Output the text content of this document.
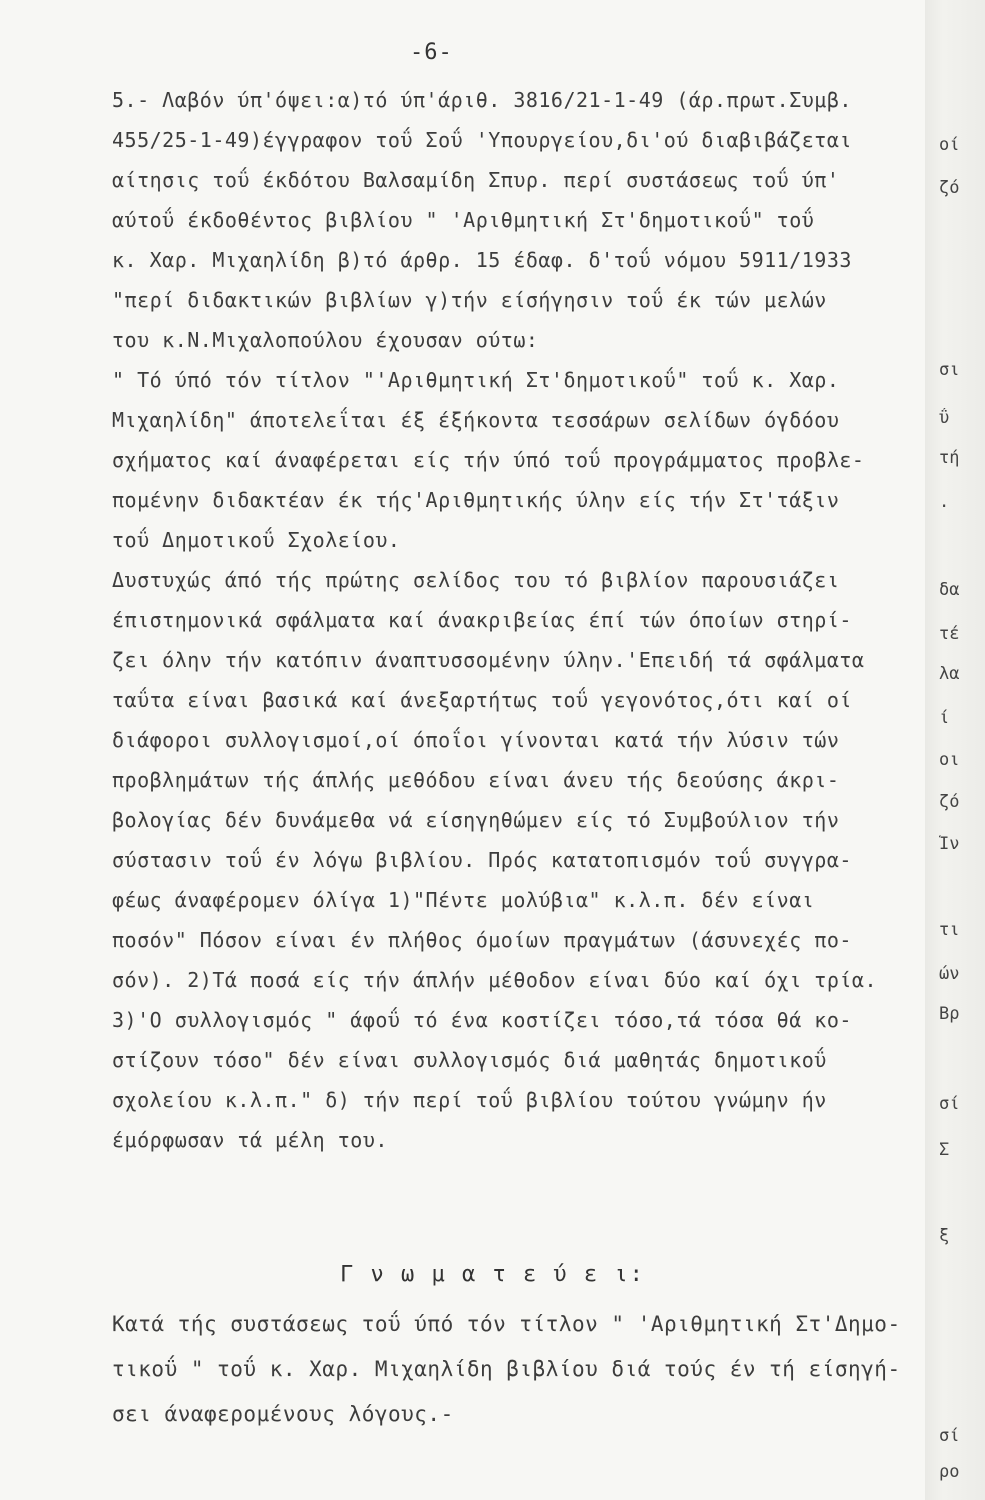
-6-
5.- Λαβόν ύπ'όψει:α)τό ύπ'άριθ. 3816/21-1-49 (άρ.πρωτ.Συμβ.
455/25-1-49)έγγραφον τοΰ Σοΰ 'Υπουργείου,δι'ού διαβιβάζεται
αίτησις τοΰ έκδότου Βαλσαμίδη Σπυρ. περί συστάσεως τοΰ ύπ'
αύτοΰ έκδοθέντος βιβλίου " 'Αριθμητική Στ'δημοτικοΰ" τοΰ
κ. Χαρ. Μιχαηλίδη β)τό άρθρ. 15 έδαφ. δ'τοΰ νόμου 5911/1933
"περί διδακτικών βιβλίων γ)τήν είσήγησιν τοΰ έκ τών μελών
του κ.Ν.Μιχαλοπούλου έχουσαν ούτω:
" Τό ύπό τόν τίτλον "'Αριθμητική Στ'δημοτικοΰ" τοΰ κ. Χαρ.
Μιχαηλίδη" άποτελεΐται έξ έξήκοντα τεσσάρων σελίδων όγδόου
σχήματος καί άναφέρεται είς τήν ύπό τοΰ προγράμματος προβλε-
πομένην διδακτέαν έκ τής'Αριθμητικής ύλην είς τήν Στ'τάξιν
τοΰ Δημοτικοΰ Σχολείου.
Δυστυχώς άπό τής πρώτης σελίδος του τό βιβλίον παρουσιάζει
έπιστημονικά σφάλματα καί άνακριβείας έπί τών όποίων στηρί-
ζει όλην τήν κατόπιν άναπτυσσομένην ύλην.'Επειδή τά σφάλματα
ταΰτα είναι βασικά καί άνεξαρτήτως τοΰ γεγονότος,ότι καί οί
διάφοροι συλλογισμοί,οί όποΐοι γίνονται κατά τήν λύσιν τών
προβλημάτων τής άπλής μεθόδου είναι άνευ τής δεούσης άκρι-
βολογίας δέν δυνάμεθα νά είσηγηθώμεν είς τό Συμβούλιον τήν
σύστασιν τοΰ έν λόγω βιβλίου. Πρός κατατοπισμόν τοΰ συγγρα-
φέως άναφέρομεν όλίγα 1)"Πέντε μολύβια" κ.λ.π. δέν είναι
ποσόν" Πόσον είναι έν πλήθος όμοίων πραγμάτων (άσυνεχές πο-
σόν). 2)Τά ποσά είς τήν άπλήν μέθοδον είναι δύο καί όχι τρία.
3)'Ο συλλογισμός " άφοΰ τό ένα κοστίζει τόσο,τά τόσα θά κο-
στίζουν τόσο" δέν είναι συλλογισμός διά μαθητάς δημοτικοΰ
σχολείου κ.λ.π." δ) τήν περί τοΰ βιβλίου τούτου γνώμην ήν
έμόρφωσαν τά μέλη του.
Γ ν ω μ α τ ε ύ ε ι:
Κατά τής συστάσεως τοΰ ύπό τόν τίτλον " 'Αριθμητική Στ'Δημο-
τικοΰ " τοΰ κ. Χαρ. Μιχαηλίδη βιβλίου διά τούς έν τή είσηγή-
σει άναφερομένους λόγους.-
οί
ζό
σι
ΰ
τή
.
δα
τέ
λα
ί
οι
ζό
Ίν
τι
ών
Βρ
σί
Σ
ξ
σί
ρο
